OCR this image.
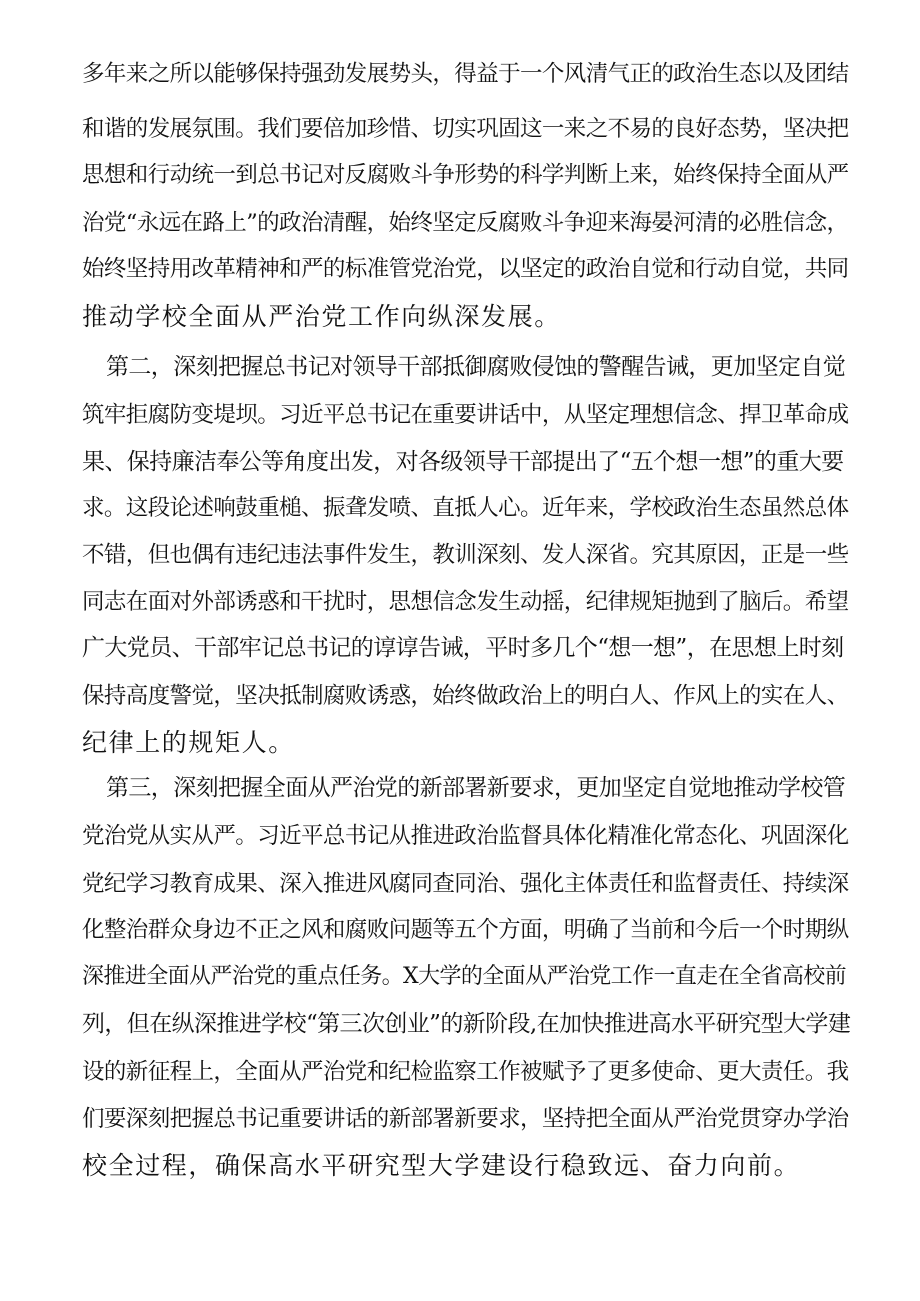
多年来之所以能够保持强劲发展势头，得益于一个风清气正的政治生态以及团结
和谐的发展氛围。我们要倍加珍惜、切实巩固这一来之不易的良好态势，坚决把
思想和行动统一到总书记对反腐败斗争形势的科学判断上来，始终保持全面从严
治党“永远在路上”的政治清醒，始终坚定反腐败斗争迎来海晏河清的必胜信念，
始终坚持用改革精神和严的标准管党治党，以坚定的政治自觉和行动自觉，共同
推动学校全面从严治党工作向纵深发展。
第二，深刻把握总书记对领导干部抵御腐败侵蚀的警醒告诫，更加坚定自觉
筑牢拒腐防变堤坝。习近平总书记在重要讲话中，从坚定理想信念、捍卫革命成
果、保持廉洁奉公等角度出发，对各级领导干部提出了“五个想一想”的重大要
求。这段论述响鼓重槌、振聋发喷、直抵人心。近年来，学校政治生态虽然总体
不错，但也偶有违纪违法事件发生，教训深刻、发人深省。究其原因，正是一些
同志在面对外部诱惑和干扰时，思想信念发生动摇，纪律规矩抛到了脑后。希望
广大党员、干部牢记总书记的谆谆告诫，平时多几个“想一想”，在思想上时刻
保持高度警觉，坚决抵制腐败诱惑，始终做政治上的明白人、作风上的实在人、
纪律上的规矩人。
第三，深刻把握全面从严治党的新部署新要求，更加坚定自觉地推动学校管
党治党从实从严。习近平总书记从推进政治监督具体化精准化常态化、巩固深化
党纪学习教育成果、深入推进风腐同查同治、强化主体责任和监督责任、持续深
化整治群众身边不正之风和腐败问题等五个方面，明确了当前和今后一个时期纵
深推进全面从严治党的重点任务。X大学的全面从严治党工作一直走在全省高校前
列，但在纵深推进学校“第三次创业”的新阶段,在加快推进高水平研究型大学建
设的新征程上，全面从严治党和纪检监察工作被赋予了更多使命、更大责任。我
们要深刻把握总书记重要讲话的新部署新要求，坚持把全面从严治党贯穿办学治
校全过程，确保高水平研究型大学建设行稳致远、奋力向前。
